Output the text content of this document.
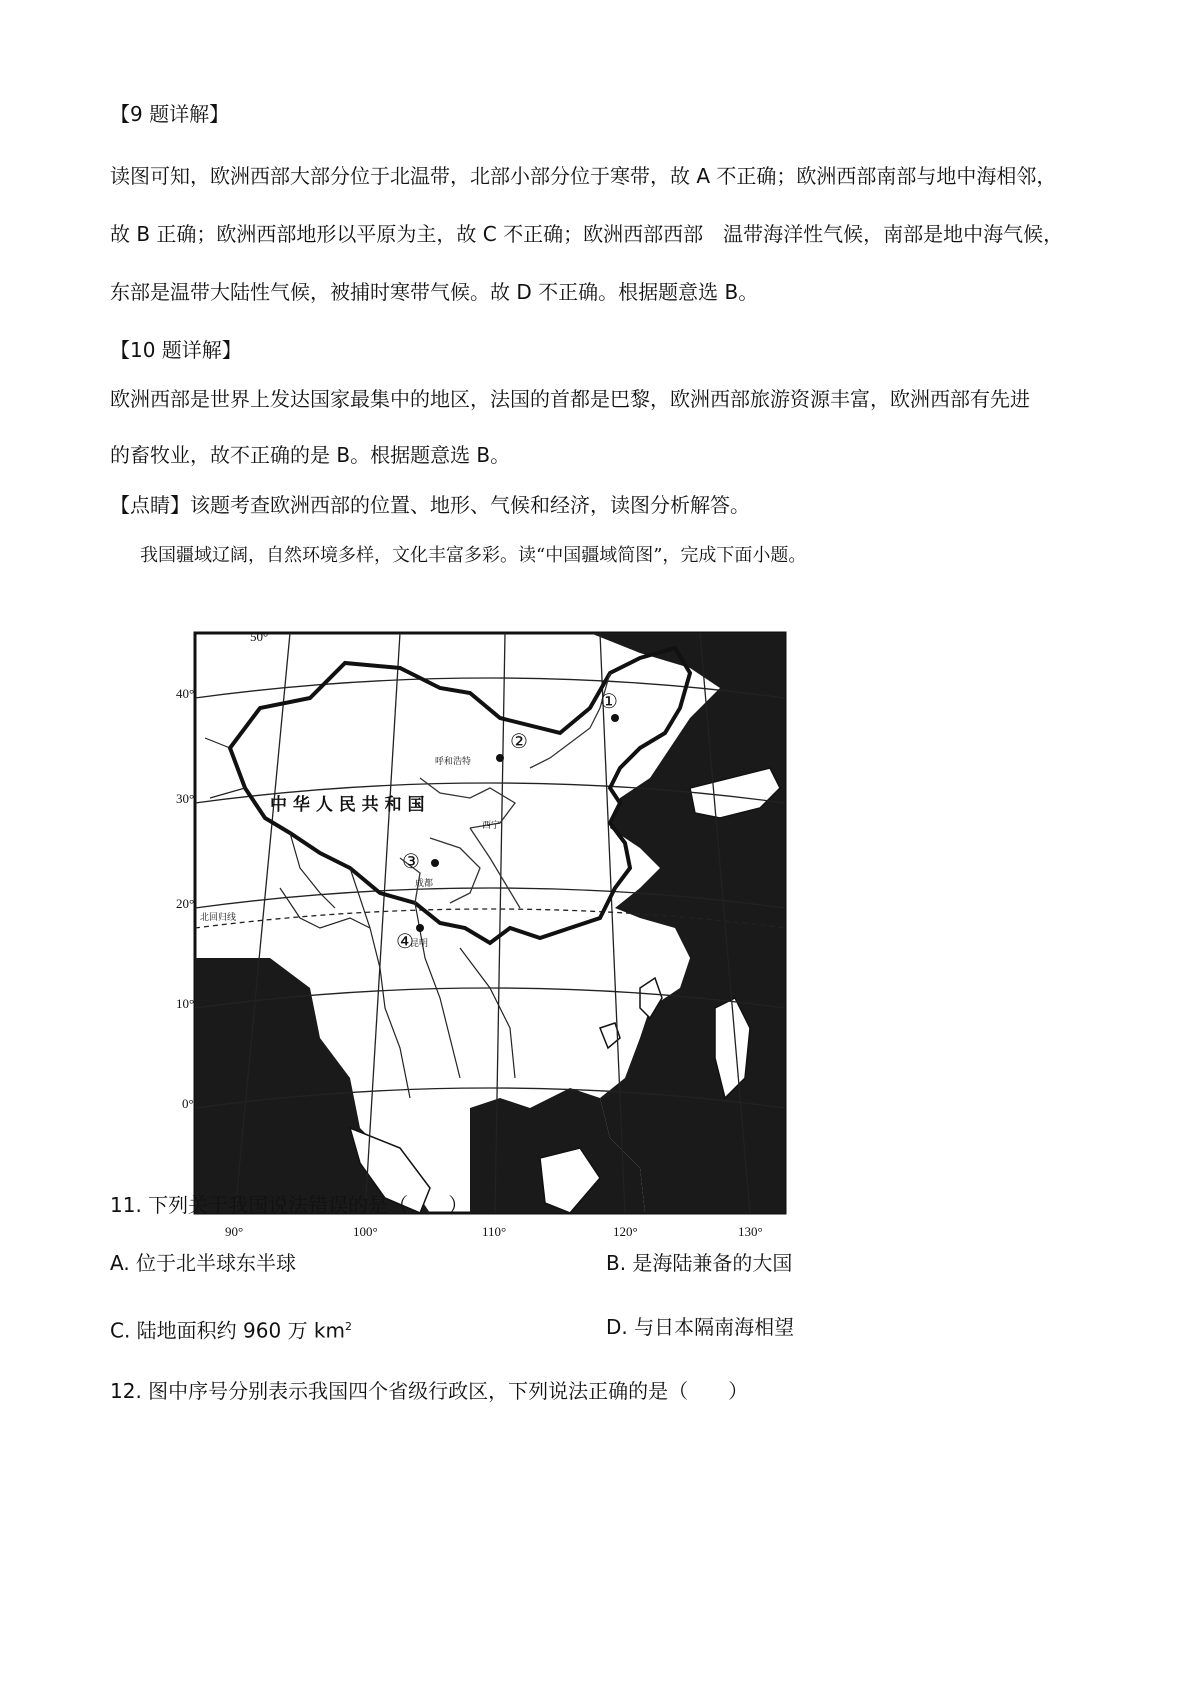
【9 题详解】

读图可知，欧洲西部大部分位于北温带，北部小部分位于寒带，故 A 不正确；欧洲西部南部与地中海相邻，

故 B 正确；欧洲西部地形以平原为主，故 C 不正确；欧洲西部西部　温带海洋性气候，南部是地中海气候，

东部是温带大陆性气候，被捕时寒带气候。故 D 不正确。根据题意选 B。

【10 题详解】

欧洲西部是世界上发达国家最集中的地区，法国的首都是巴黎，欧洲西部旅游资源丰富，欧洲西部有先进

的畜牧业，故不正确的是 B。根据题意选 B。

【点睛】该题考查欧洲西部的位置、地形、气候和经济，读图分析解答。

我国疆域辽阔，自然环境多样，文化丰富多彩。读“中国疆域简图”，完成下面小题。

40°
30°
20°
10°
0°
50°
90°	100°	110°	120°	130°
中 华 人 民 共 和 国
北回归线
①
②
③
④
呼和浩特
西宁
成都
昆明

11. 下列关于我国说法错误的是（　　）

A. 位于北半球东半球	B. 是海陆兼备的大国

C. 陆地面积约 960 万 $km^2$	D. 与日本隔南海相望

12. 图中序号分别表示我国四个省级行政区，下列说法正确的是（　　）
